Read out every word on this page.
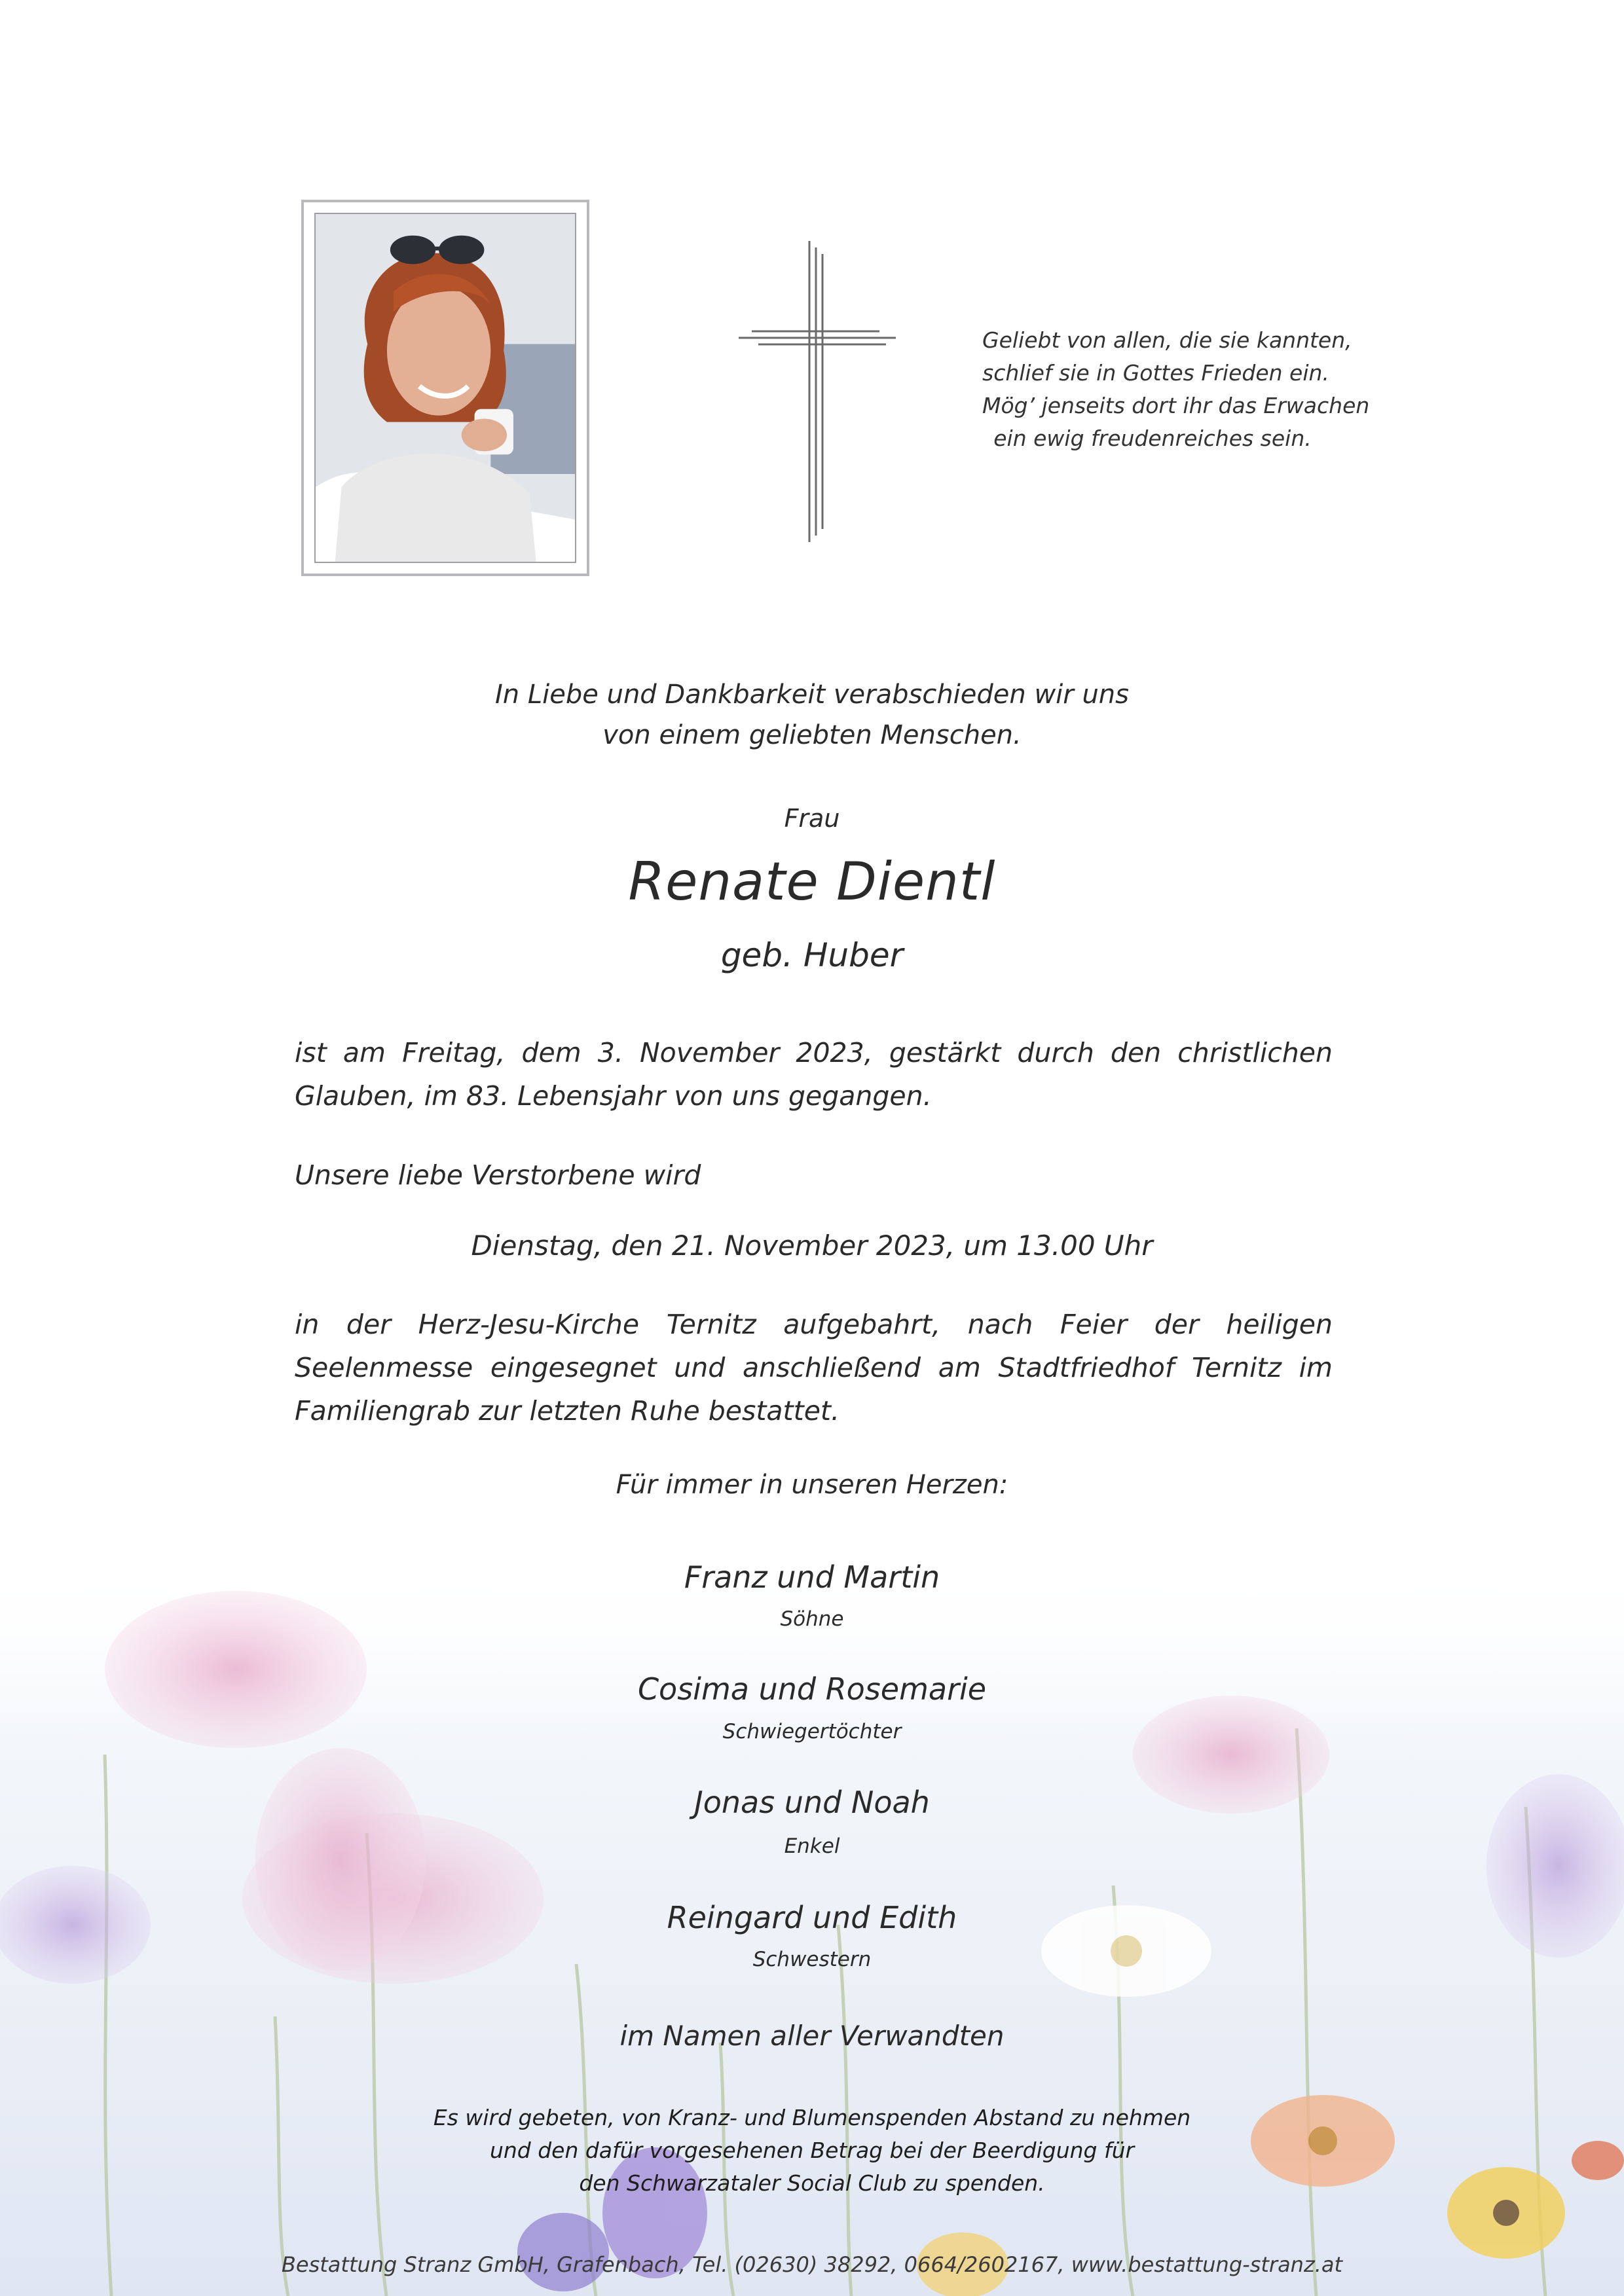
Geliebt von allen, die sie kannten,
schlief sie in Gottes Frieden ein.
Mög’ jenseits dort ihr das Erwachen
ein ewig freudenreiches sein.
In Liebe und Dankbarkeit verabschieden wir uns
von einem geliebten Menschen.
Frau
Renate Dientl
geb. Huber
ist am Freitag, dem 3. November 2023, gestärkt durch den christlichen
Glauben, im 83. Lebensjahr von uns gegangen.
Unsere liebe Verstorbene wird
Dienstag, den 21. November 2023, um 13.00 Uhr
in der Herz-Jesu-Kirche Ternitz aufgebahrt, nach Feier der heiligen
Seelenmesse eingesegnet und anschließend am Stadtfriedhof Ternitz im
Familiengrab zur letzten Ruhe bestattet.
Für immer in unseren Herzen:
Franz und Martin
Söhne
Cosima und Rosemarie
Schwiegertöchter
Jonas und Noah
Enkel
Reingard und Edith
Schwestern
im Namen aller Verwandten
Es wird gebeten, von Kranz- und Blumenspenden Abstand zu nehmen
und den dafür vorgesehenen Betrag bei der Beerdigung für
den Schwarzataler Social Club zu spenden.
Bestattung Stranz GmbH, Grafenbach, Tel. (02630) 38292, 0664/2602167, www.bestattung-stranz.at
